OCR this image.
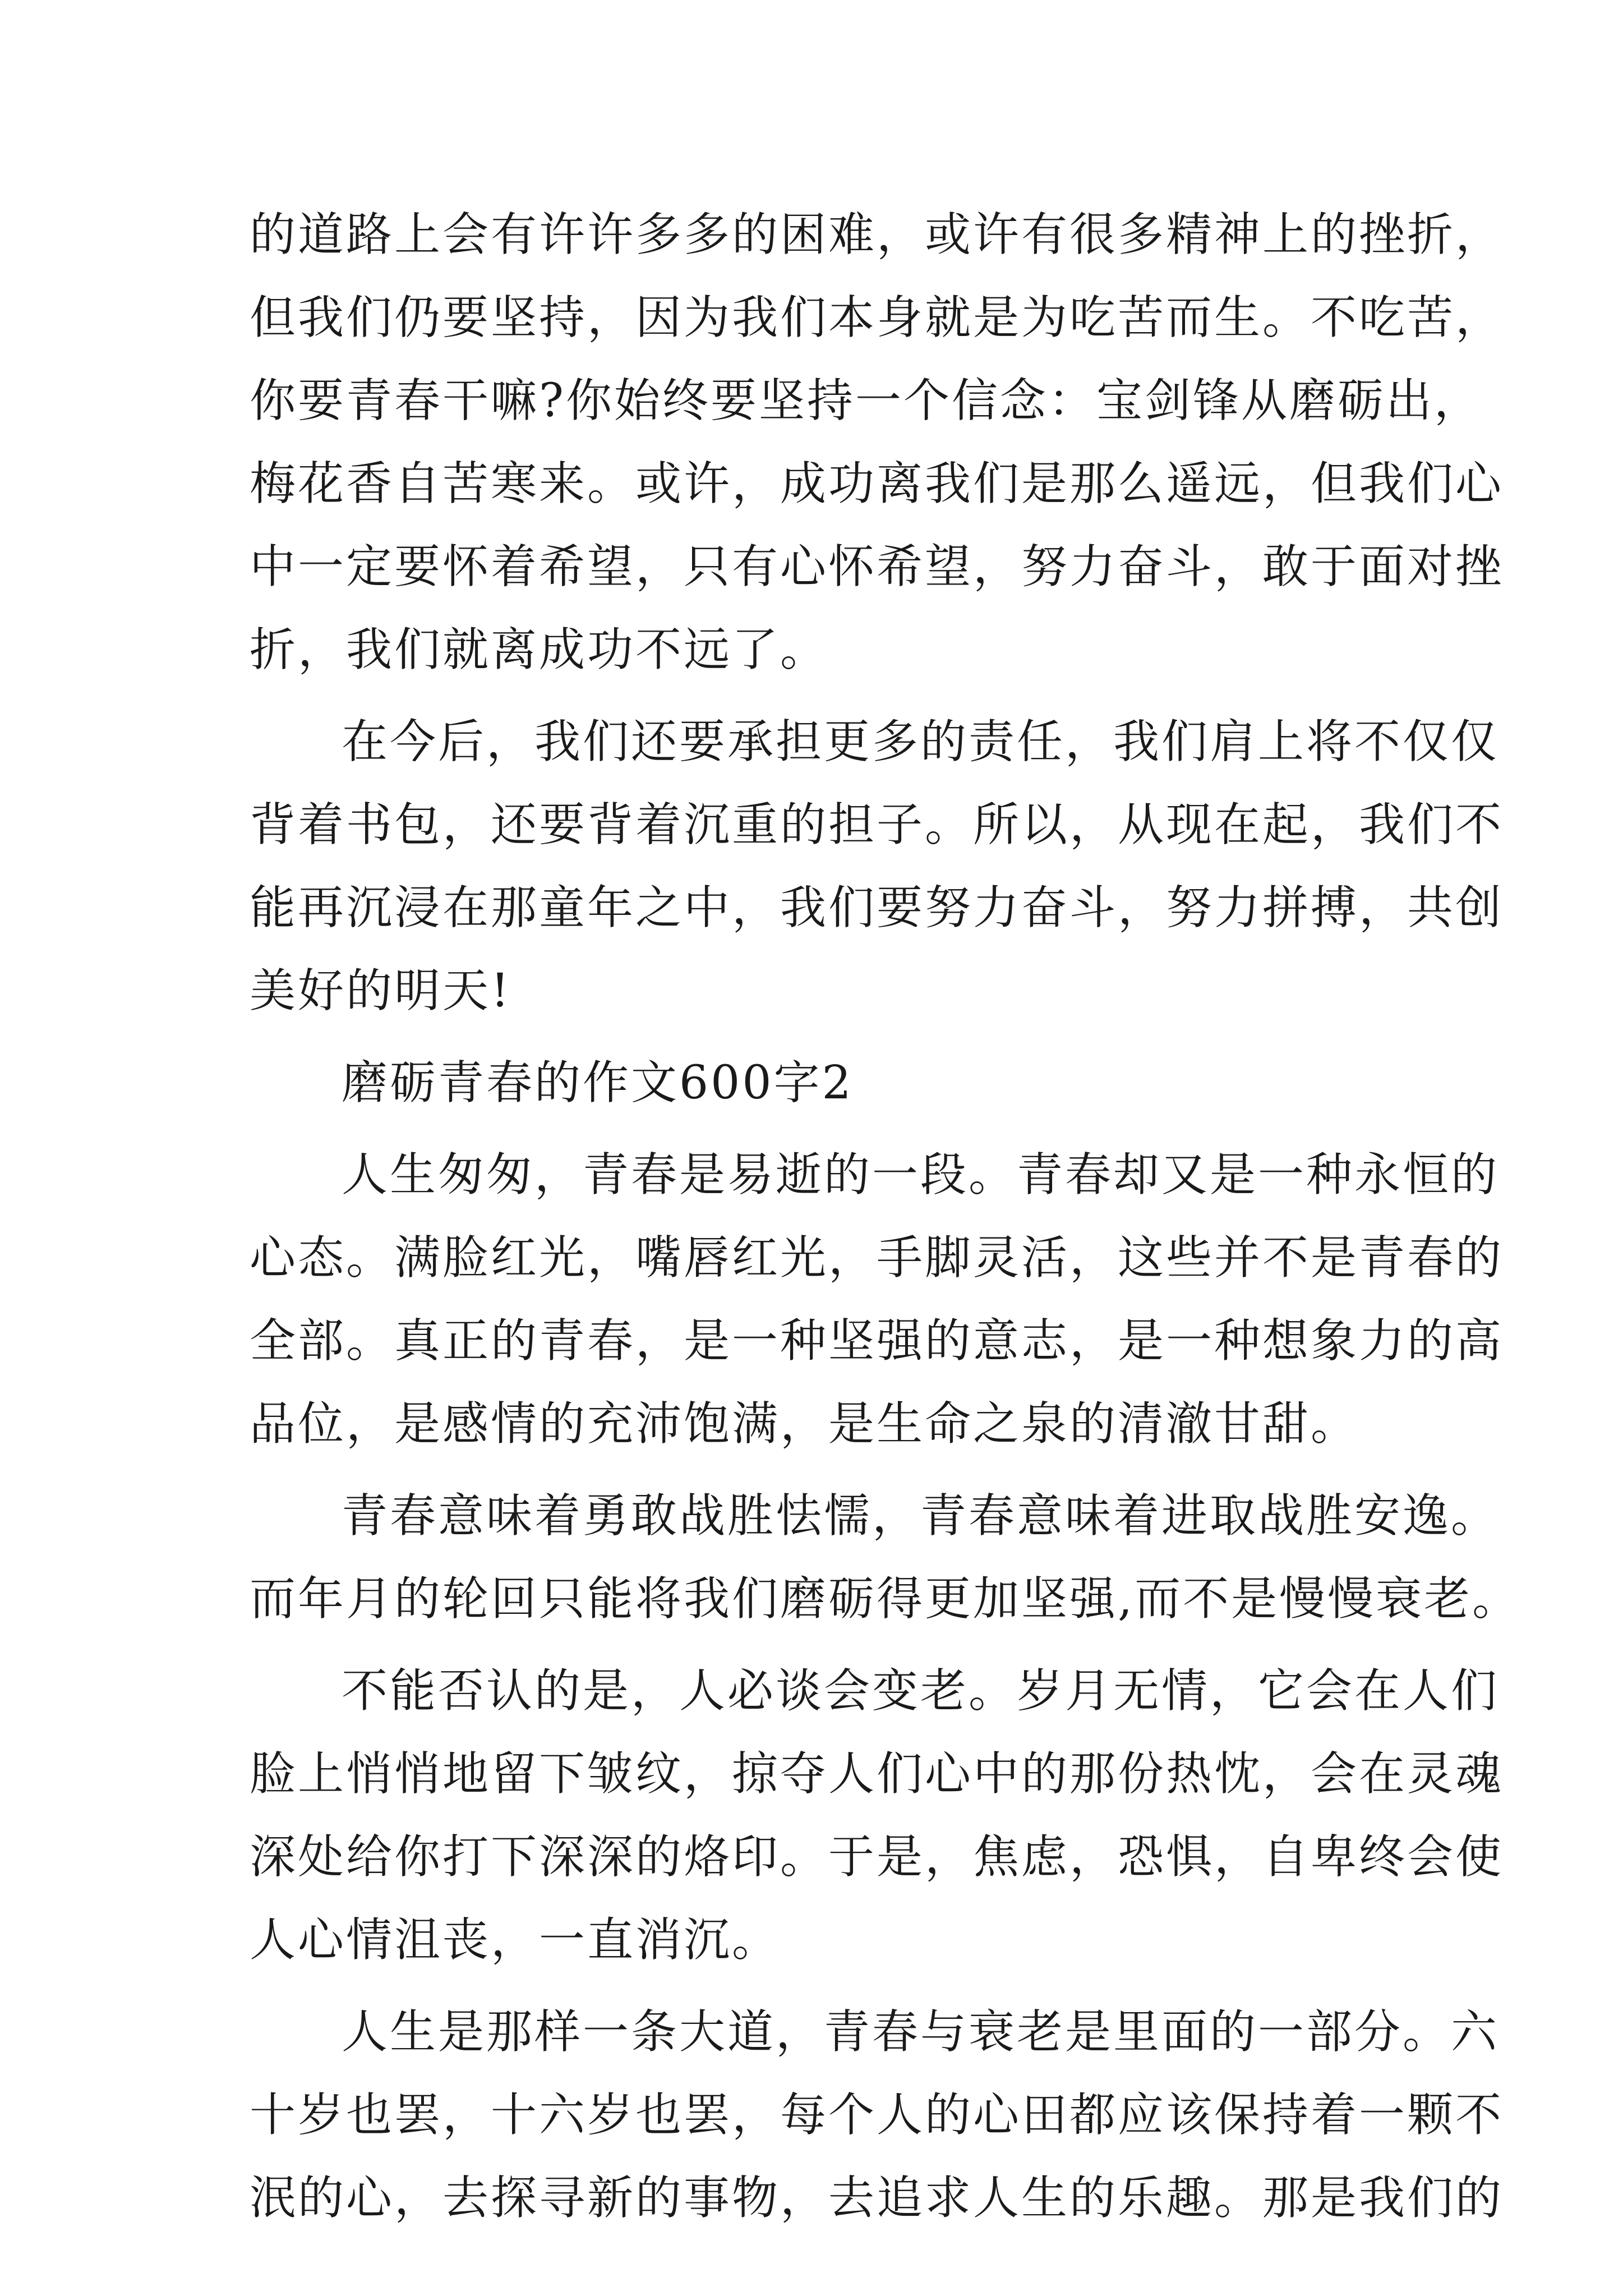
的道路上会有许许多多的困难，或许有很多精神上的挫折，
但我们仍要坚持，因为我们本身就是为吃苦而生。不吃苦，
你要青春干嘛?你始终要坚持一个信念：宝剑锋从磨砺出，
梅花香自苦寒来。或许，成功离我们是那么遥远，但我们心
中一定要怀着希望，只有心怀希望，努力奋斗，敢于面对挫
折，我们就离成功不远了。
在今后，我们还要承担更多的责任，我们肩上将不仅仅
背着书包，还要背着沉重的担子。所以，从现在起，我们不
能再沉浸在那童年之中，我们要努力奋斗，努力拼搏，共创
美好的明天!
磨砺青春的作文600字2
人生匆匆，青春是易逝的一段。青春却又是一种永恒的
心态。满脸红光，嘴唇红光，手脚灵活，这些并不是青春的
全部。真正的青春，是一种坚强的意志，是一种想象力的高
品位，是感情的充沛饱满，是生命之泉的清澈甘甜。
青春意味着勇敢战胜怯懦，青春意味着进取战胜安逸。
而年月的轮回只能将我们磨砺得更加坚强,而不是慢慢衰老。
不能否认的是，人必谈会变老。岁月无情，它会在人们
脸上悄悄地留下皱纹，掠夺人们心中的那份热忱，会在灵魂
深处给你打下深深的烙印。于是，焦虑，恐惧，自卑终会使
人心情沮丧，一直消沉。
人生是那样一条大道，青春与衰老是里面的一部分。六
十岁也罢，十六岁也罢，每个人的心田都应该保持着一颗不
泯的心，去探寻新的事物，去追求人生的乐趣。那是我们的
